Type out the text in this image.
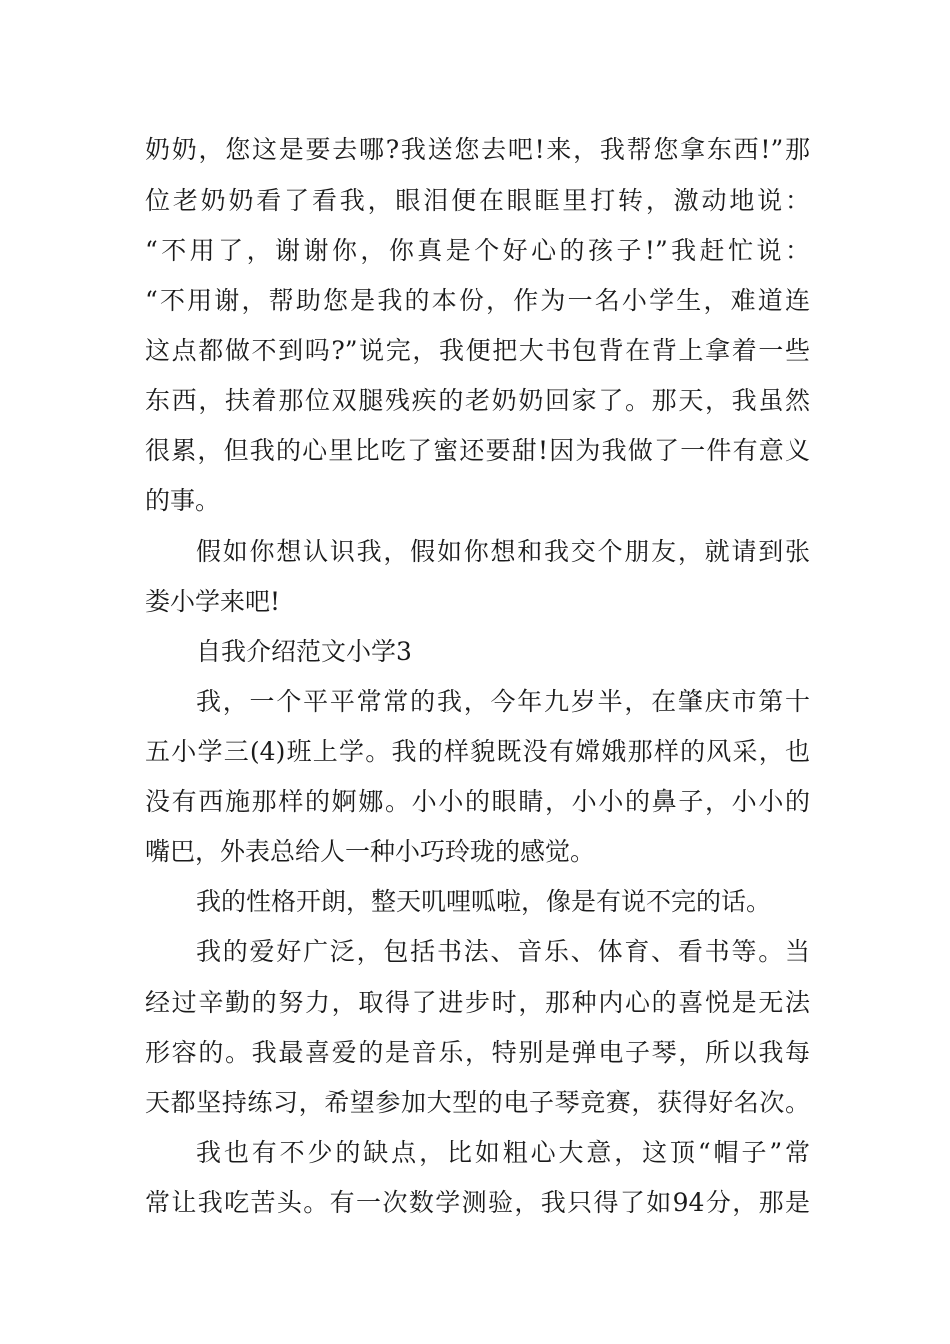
奶奶，您这是要去哪?我送您去吧!来，我帮您拿东西!”那
位老奶奶看了看我，眼泪便在眼眶里打转，激动地说：
“不用了，谢谢你，你真是个好心的孩子!”我赶忙说：
“不用谢，帮助您是我的本份，作为一名小学生，难道连
这点都做不到吗?”说完，我便把大书包背在背上拿着一些
东西，扶着那位双腿残疾的老奶奶回家了。那天，我虽然
很累，但我的心里比吃了蜜还要甜!因为我做了一件有意义
的事。
假如你想认识我，假如你想和我交个朋友，就请到张
娄小学来吧!
自我介绍范文小学3
我，一个平平常常的我，今年九岁半，在肇庆市第十
五小学三(4)班上学。我的样貌既没有嫦娥那样的风采，也
没有西施那样的婀娜。小小的眼睛，小小的鼻子，小小的
嘴巴，外表总给人一种小巧玲珑的感觉。
我的性格开朗，整天叽哩呱啦，像是有说不完的话。
我的爱好广泛，包括书法、音乐、体育、看书等。当
经过辛勤的努力，取得了进步时，那种内心的喜悦是无法
形容的。我最喜爱的是音乐，特别是弹电子琴，所以我每
天都坚持练习，希望参加大型的电子琴竞赛，获得好名次。
我也有不少的缺点，比如粗心大意，这顶“帽子”常
常让我吃苦头。有一次数学测验，我只得了如94分，那是
